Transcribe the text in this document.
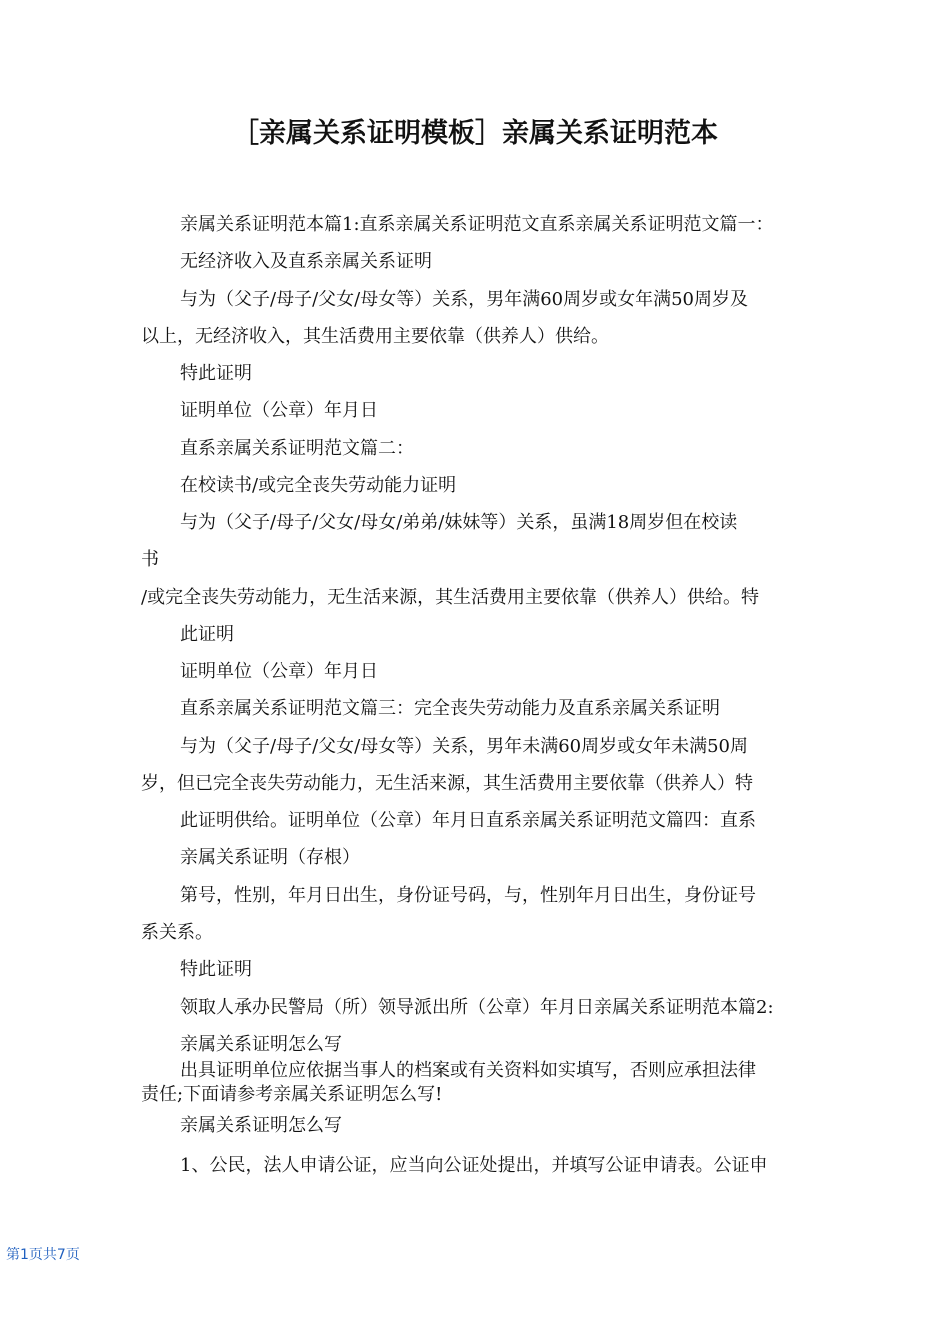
［亲属关系证明模板］亲属关系证明范本
亲属关系证明范本篇1:直系亲属关系证明范文直系亲属关系证明范文篇一：
无经济收入及直系亲属关系证明
与为（父子/母子/父女/母女等）关系，男年满60周岁或女年满50周岁及
以上，无经济收入，其生活费用主要依靠（供养人）供给。
特此证明
证明单位（公章）年月日
直系亲属关系证明范文篇二：
在校读书/或完全丧失劳动能力证明
与为（父子/母子/父女/母女/弟弟/妹妹等）关系，虽满18周岁但在校读
书
/或完全丧失劳动能力，无生活来源，其生活费用主要依靠（供养人）供给。特
此证明
证明单位（公章）年月日
直系亲属关系证明范文篇三：完全丧失劳动能力及直系亲属关系证明
与为（父子/母子/父女/母女等）关系，男年未满60周岁或女年未满50周
岁，但已完全丧失劳动能力，无生活来源，其生活费用主要依靠（供养人）特
此证明供给。证明单位（公章）年月日直系亲属关系证明范文篇四：直系
亲属关系证明（存根）
第号，性别，年月日出生，身份证号码，与，性别年月日出生，身份证号
系关系。
特此证明
领取人承办民警局（所）领导派出所（公章）年月日亲属关系证明范本篇2:
亲属关系证明怎么写
出具证明单位应依据当事人的档案或有关资料如实填写，否则应承担法律
责任;下面请参考亲属关系证明怎么写!
亲属关系证明怎么写
1、公民，法人申请公证，应当向公证处提出，并填写公证申请表。公证申
第1页共7页
